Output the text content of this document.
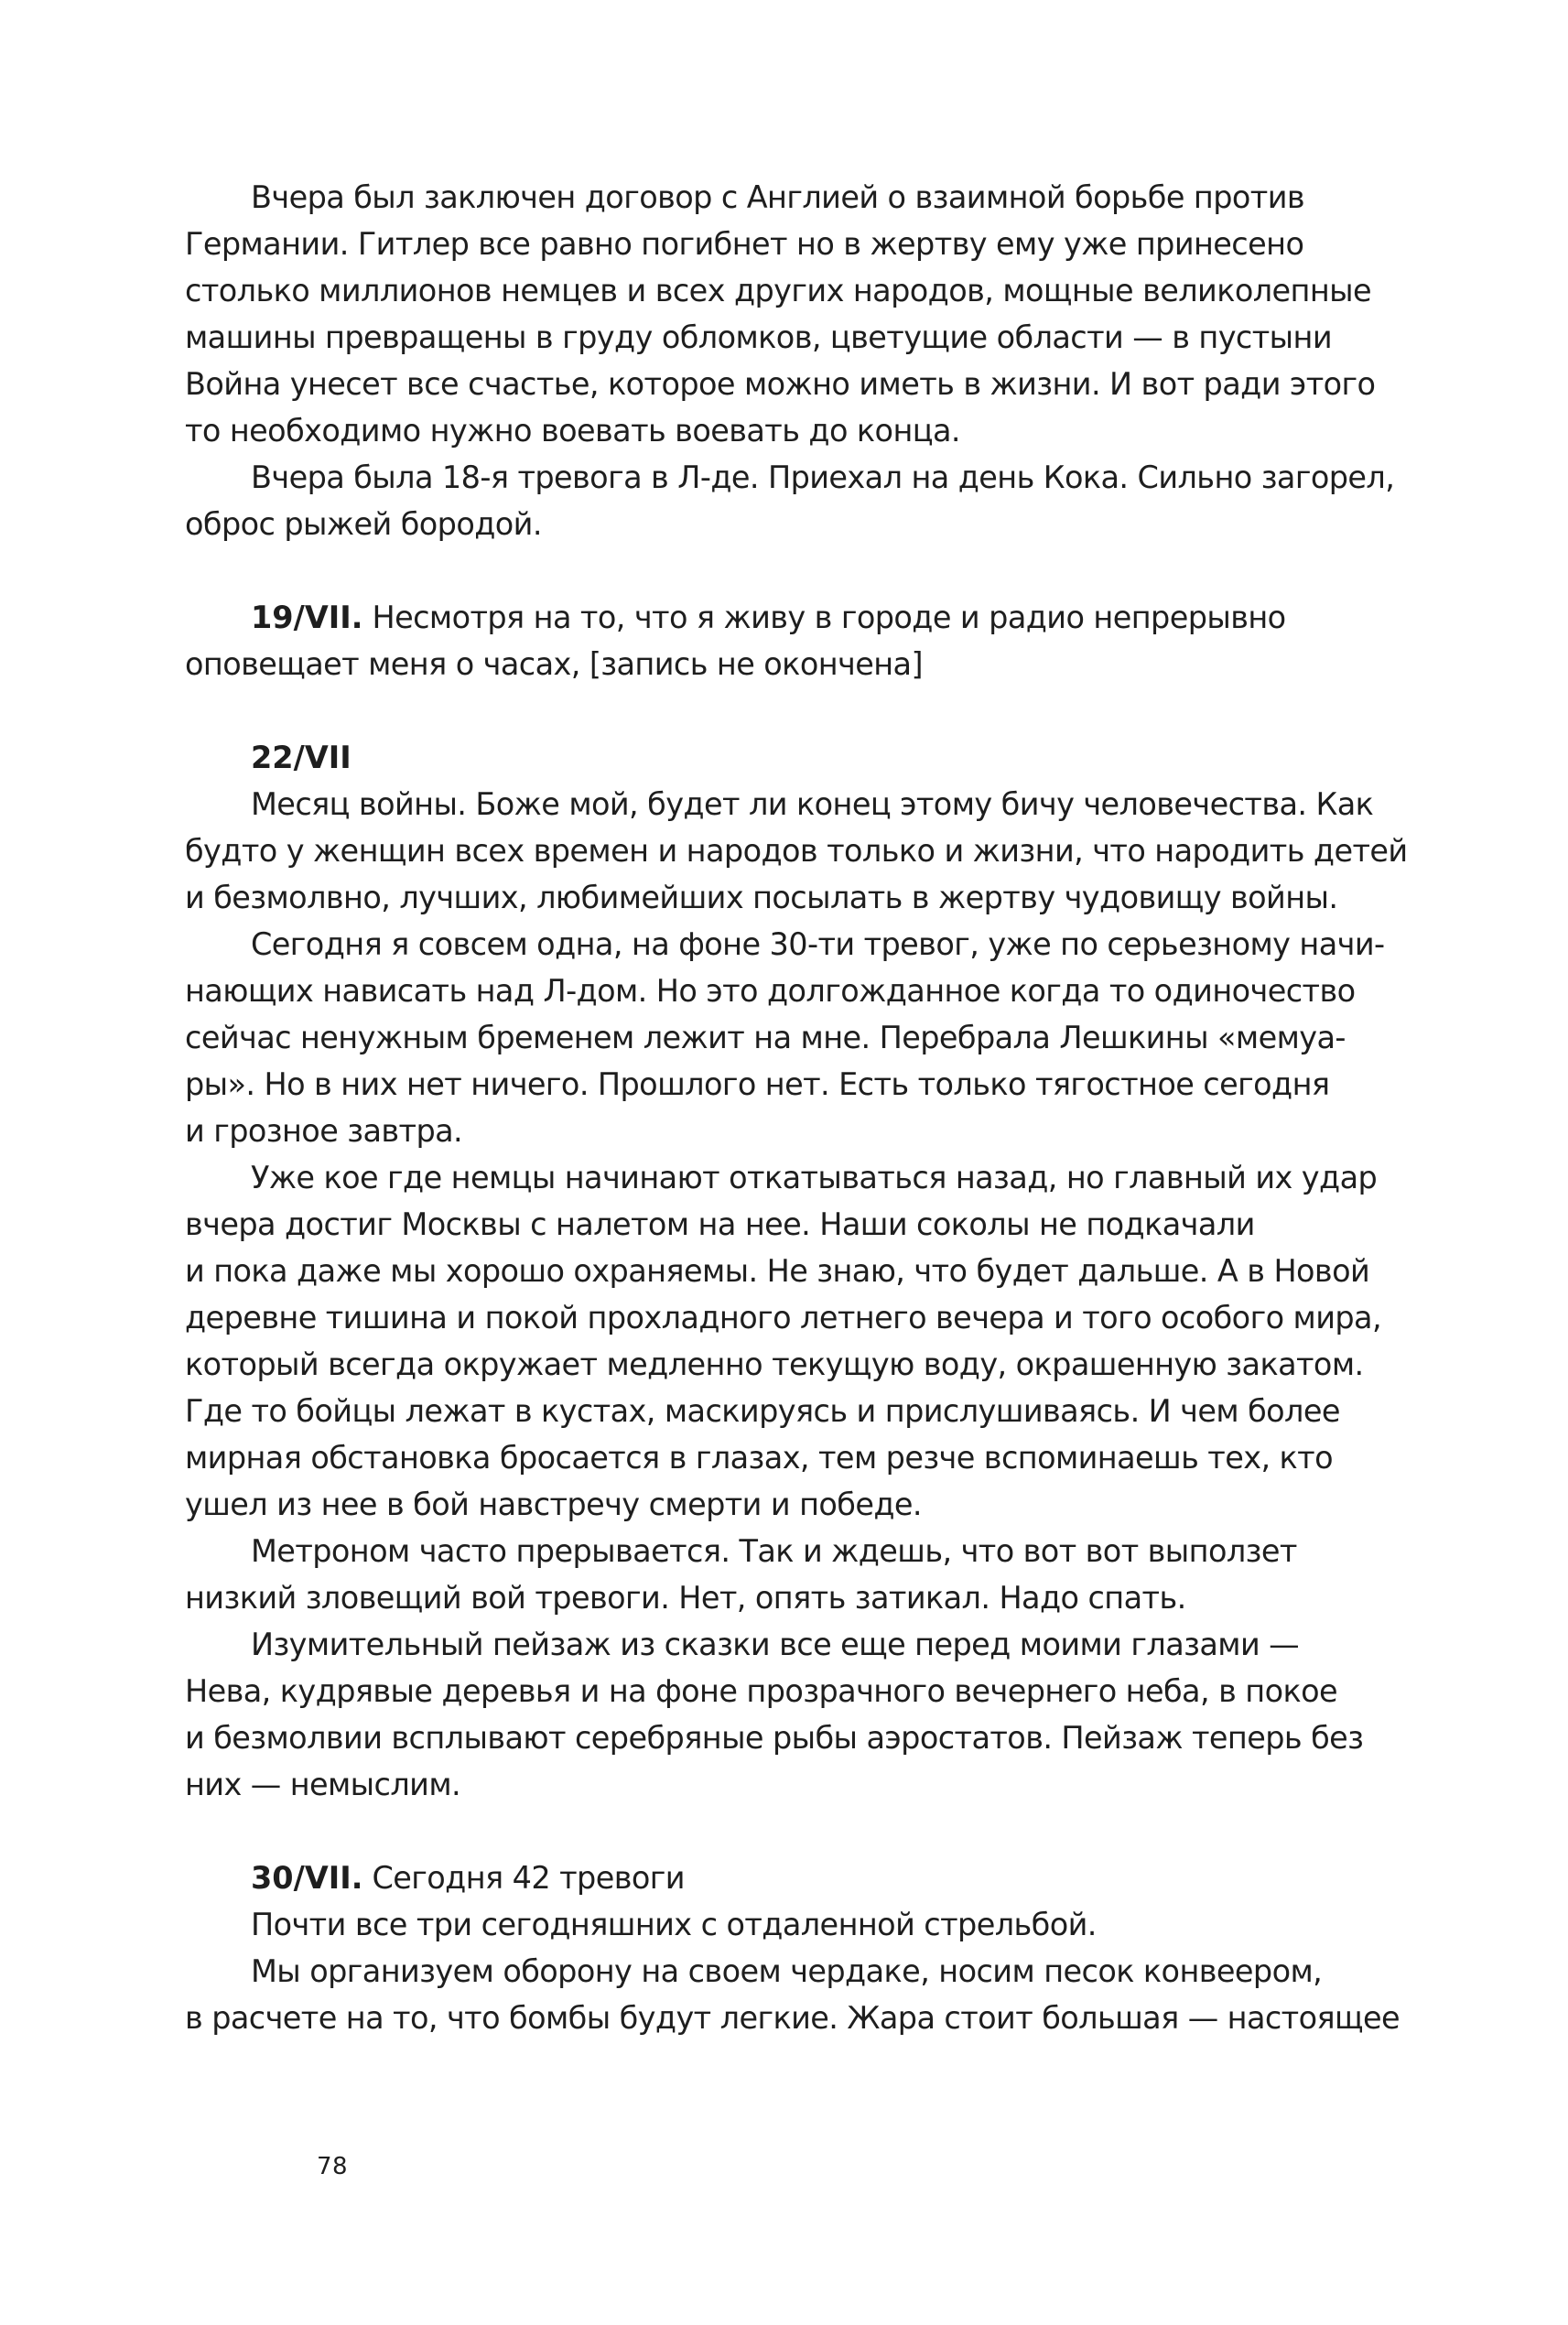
Вчера был заключен договор с Англией о взаимной борьбе против
Германии. Гитлер все равно погибнет но в жертву ему уже принесено
столько миллионов немцев и всех других народов, мощные великолепные
машины превращены в груду обломков, цветущие области — в пустыни
Война унесет все счастье, которое можно иметь в жизни. И вот ради этого
то необходимо нужно воевать воевать до конца.
Вчера была 18-я тревога в Л-де. Приехал на день Кока. Сильно загорел,
оброс рыжей бородой.
19/VII. Несмотря на то, что я живу в городе и радио непрерывно
оповещает меня о часах, [запись не окончена]
22/VII
Месяц войны. Боже мой, будет ли конец этому бичу человечества. Как
будто у женщин всех времен и народов только и жизни, что народить детей
и безмолвно, лучших, любимейших посылать в жертву чудовищу войны.
Сегодня я совсем одна, на фоне 30-ти тревог, уже по серьезному начи-
нающих нависать над Л-дом. Но это долгожданное когда то одиночество
сейчас ненужным бременем лежит на мне. Перебрала Лешкины «мемуа-
ры». Но в них нет ничего. Прошлого нет. Есть только тягостное сегодня
и грозное завтра.
Уже кое где немцы начинают откатываться назад, но главный их удар
вчера достиг Москвы с налетом на нее. Наши соколы не подкачали
и пока даже мы хорошо охраняемы. Не знаю, что будет дальше. А в Новой
деревне тишина и покой прохладного летнего вечера и того особого мира,
который всегда окружает медленно текущую воду, окрашенную закатом.
Где то бойцы лежат в кустах, маскируясь и прислушиваясь. И чем более
мирная обстановка бросается в глазах, тем резче вспоминаешь тех, кто
ушел из нее в бой навстречу смерти и победе.
Метроном часто прерывается. Так и ждешь, что вот вот выползет
низкий зловещий вой тревоги. Нет, опять затикал. Надо спать.
Изумительный пейзаж из сказки все еще перед моими глазами —
Нева, кудрявые деревья и на фоне прозрачного вечернего неба, в покое
и безмолвии всплывают серебряные рыбы аэростатов. Пейзаж теперь без
них — немыслим.
30/VII. Сегодня 42 тревоги
Почти все три сегодняшних с отдаленной стрельбой.
Мы организуем оборону на своем чердаке, носим песок конвеером,
в расчете на то, что бомбы будут легкие. Жара стоит большая — настоящее
78
